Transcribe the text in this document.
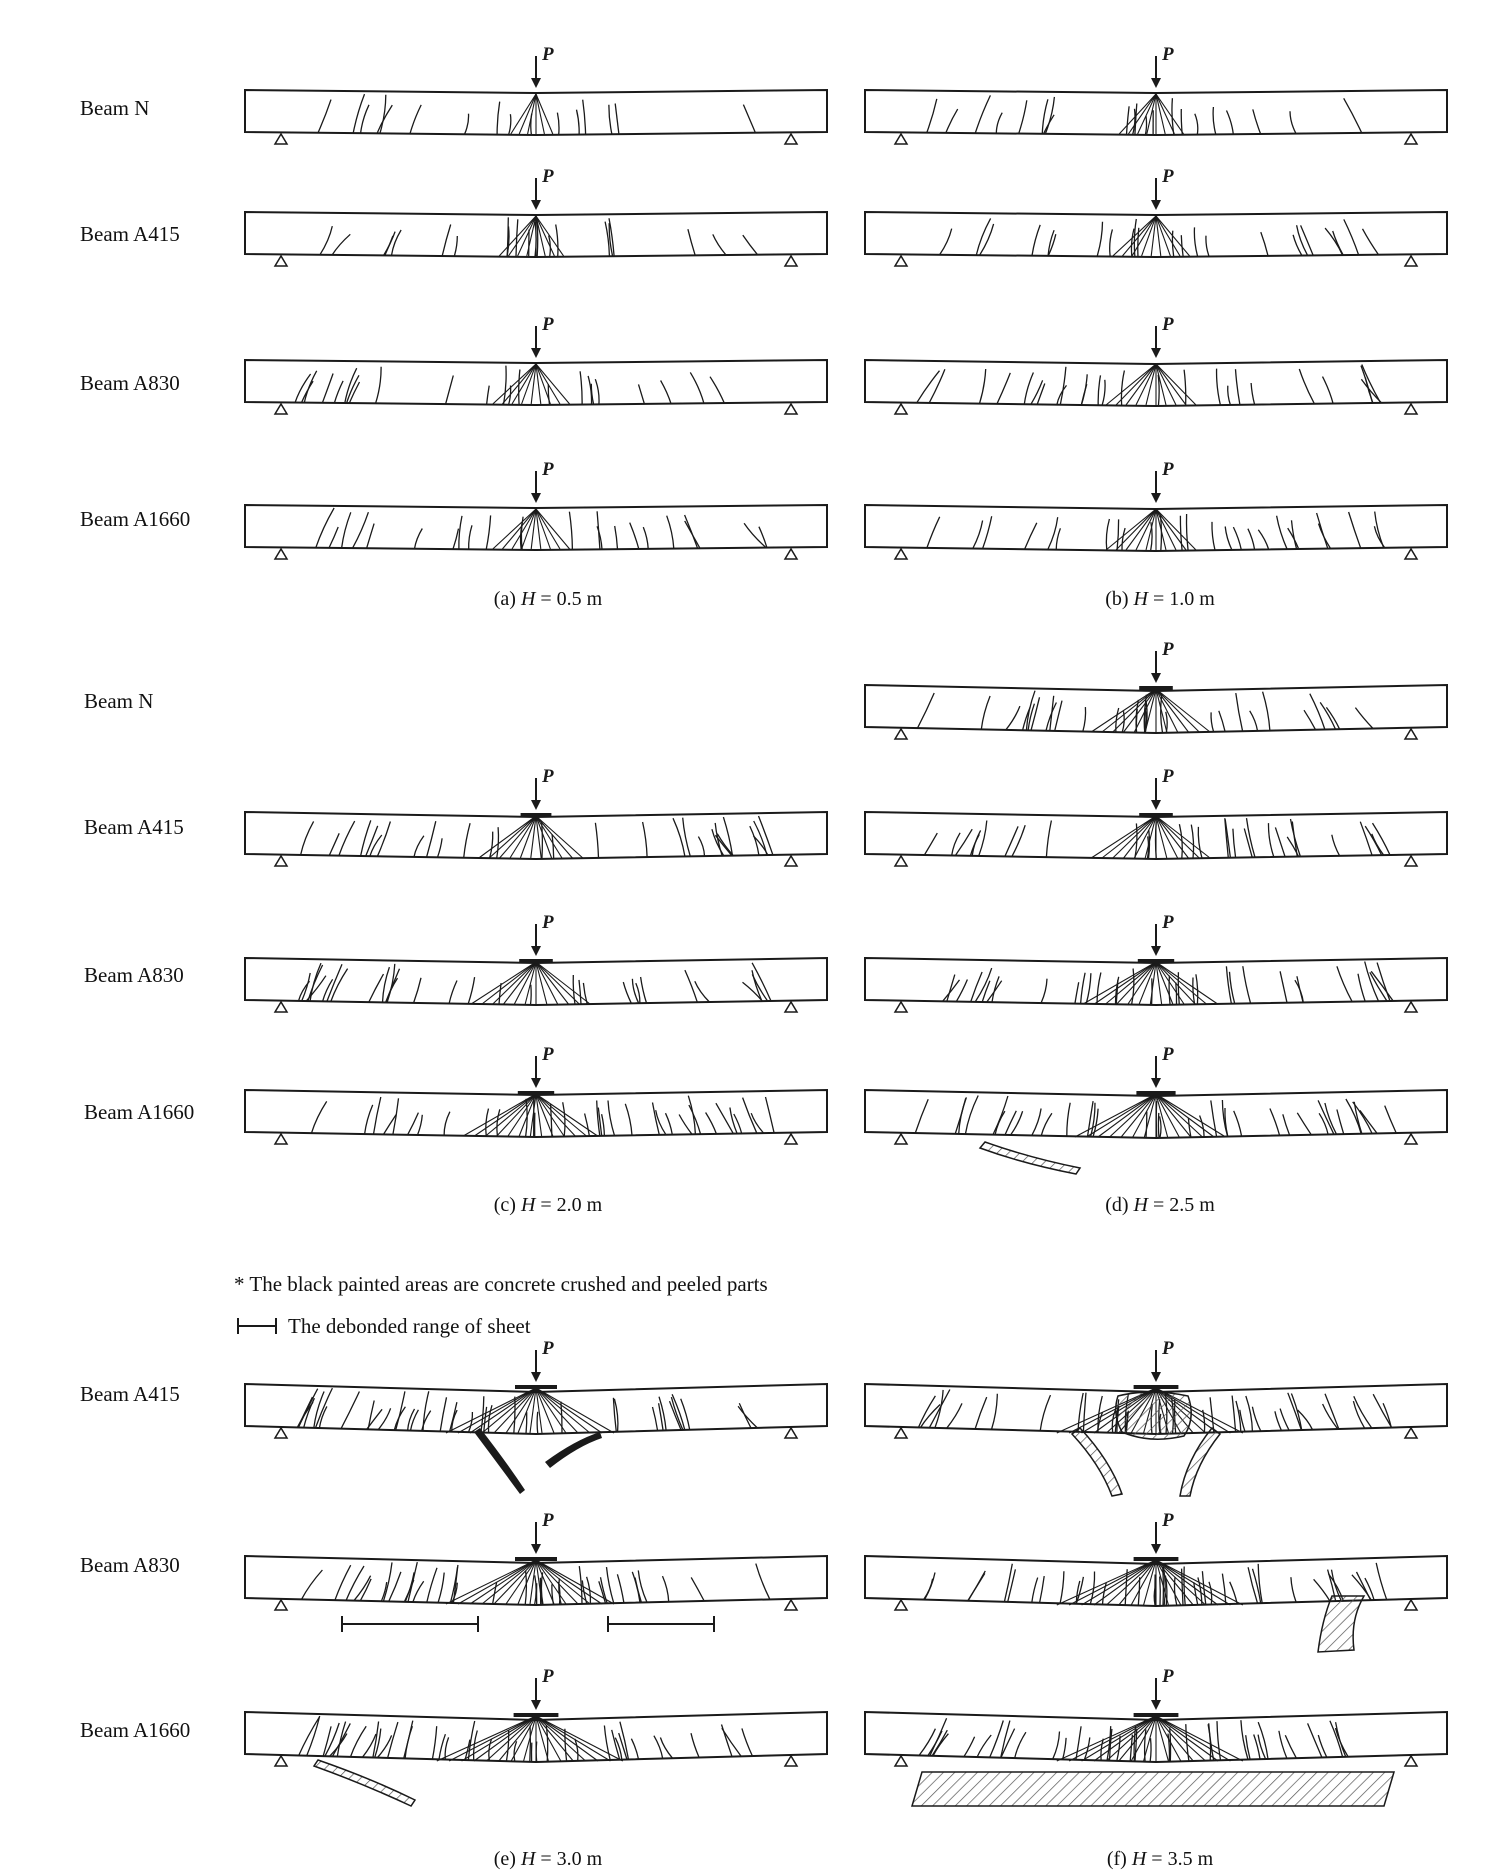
Beam N
Beam A415
Beam A830
Beam A1660
Beam N
Beam A415
Beam A830
Beam A1660
Beam A415
Beam A830
Beam A1660
(a) H = 0.5 m	(b) H = 1.0 m
(c) H = 2.0 m	(d) H = 2.5 m
(e) H = 3.0 m	(f) H = 3.5 m
* The black painted areas are concrete crushed and peeled parts
The debonded range of sheet
P	P
P	P
P	P
P	P
P
P	P
P	P
P	P
P	P
P	P
P	P
